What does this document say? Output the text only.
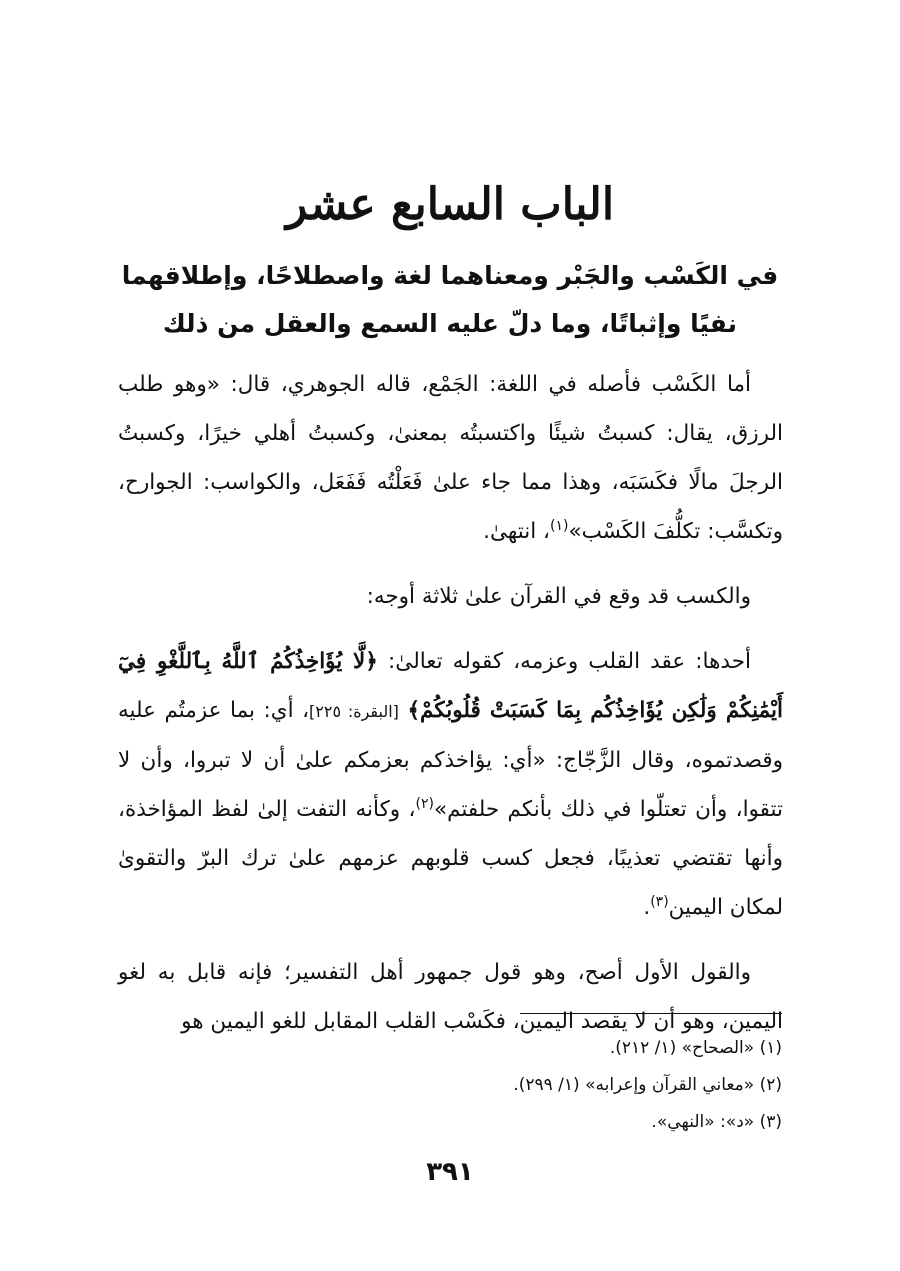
الباب السابع عشر
في الكَسْب والجَبْر ومعناهما لغة واصطلاحًا، وإطلاقهما نفيًا وإثباتًا، وما دلّ عليه السمع والعقل من ذلك

أما الكَسْب فأصله في اللغة: الجَمْع، قاله الجوهري، قال: «وهو طلب الرزق، يقال: كسبتُ شيئًا واكتسبتُه بمعنىٰ، وكسبتُ أهلي خيرًا، وكسبتُ الرجلَ مالًا فكَسَبَه، وهذا مما جاء علىٰ فَعَلْتُه فَفَعَل، والكواسب: الجوارح، وتكسَّب: تكلُّفَ الكَسْب»$^{(١)}$، انتهىٰ.

والكسب قد وقع في القرآن علىٰ ثلاثة أوجه:

أحدها: عقد القلب وعزمه، كقوله تعالىٰ: ﴿لَّا يُؤَاخِذُكُمُ ٱللَّهُ بِٱللَّغْوِ فِيٓ أَيْمَٰنِكُمْ وَلَٰكِن يُؤَاخِذُكُم بِمَا كَسَبَتْ قُلُوبُكُمْ﴾ [البقرة: ٢٢٥]، أي: بما عزمتُم عليه وقصدتموه، وقال الزَّجّاج: «أي: يؤاخذكم بعزمكم علىٰ أن لا تبروا، وأن لا تتقوا، وأن تعتلّوا في ذلك بأنكم حلفتم»$^{(٢)}$، وكأنه التفت إلىٰ لفظ المؤاخذة، وأنها تقتضي تعذيبًا، فجعل كسب قلوبهم عزمهم علىٰ ترك البرّ والتقوىٰ لمكان اليمين$^{(٣)}$.

والقول الأول أصح، وهو قول جمهور أهل التفسير؛ فإنه قابل به لغو اليمين، وهو أن لا يقصد اليمين، فكَسْب القلب المقابل للغو اليمين هو

(١) «الصحاح» (١/ ٢١٢).
(٢) «معاني القرآن وإعرابه» (١/ ٢٩٩).
(٣) «د»: «النهي».
٣٩١
